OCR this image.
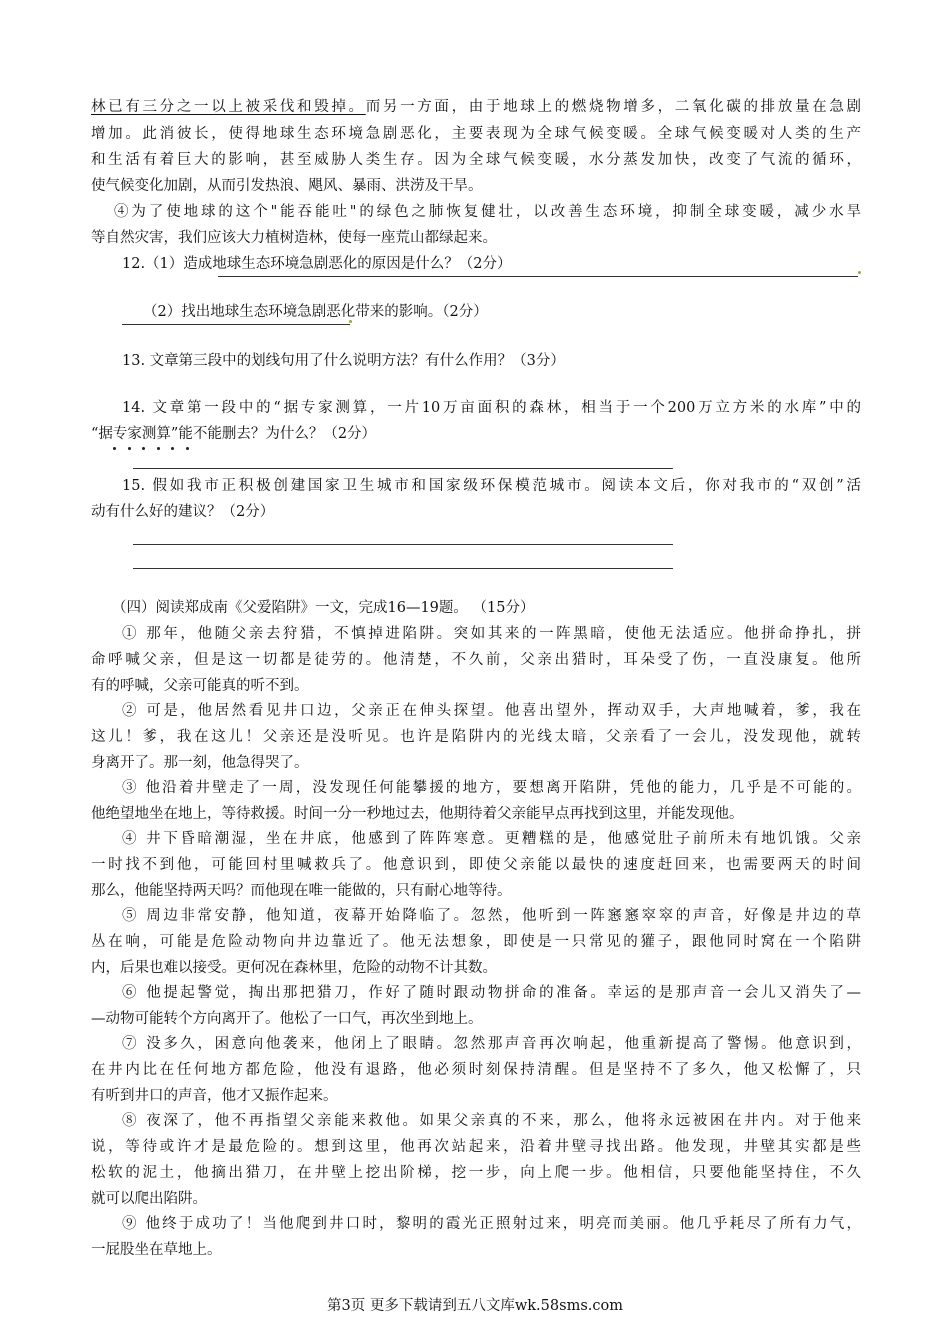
林已有三分之一以上被采伐和毁掉。而另一方面，由于地球上的燃烧物增多，二氧化碳的排放量在急剧
增加。此消彼长，使得地球生态环境急剧恶化，主要表现为全球气候变暖。全球气候变暖对人类的生产
和生活有着巨大的影响，甚至威胁人类生存。因为全球气候变暖，水分蒸发加快，改变了气流的循环，
使气候变化加剧，从而引发热浪、飓风、暴雨、洪涝及干旱。
④为了使地球的这个"能吞能吐"的绿色之肺恢复健壮，以改善生态环境，抑制全球变暖，减少水旱
等自然灾害，我们应该大力植树造林，使每一座荒山都绿起来。
12.（1）造成地球生态环境急剧恶化的原因是什么？（2分）
（2）找出地球生态环境急剧恶化带来的影响。（2分）
13. 文章第三段中的划线句用了什么说明方法？有什么作用？（3分）
14. 文章第一段中的“据专家测算，一片10万亩面积的森林，相当于一个200万立方米的水库”中的
“据专家测算”能不能删去？为什么？（2分）
15. 假如我市正积极创建国家卫生城市和国家级环保模范城市。阅读本文后，你对我市的“双创”活
动有什么好的建议？（2分）
（四）阅读郑成南《父爱陷阱》一文，完成16—19题。 （15分）
① 那年，他随父亲去狩猎，不慎掉进陷阱。突如其来的一阵黑暗，使他无法适应。他拼命挣扎，拼
命呼喊父亲，但是这一切都是徒劳的。他清楚，不久前，父亲出猎时，耳朵受了伤，一直没康复。他所
有的呼喊，父亲可能真的听不到。
② 可是，他居然看见井口边，父亲正在伸头探望。他喜出望外，挥动双手，大声地喊着，爹，我在
这儿！爹，我在这儿！父亲还是没听见。也许是陷阱内的光线太暗，父亲看了一会儿，没发现他，就转
身离开了。那一刻，他急得哭了。
③ 他沿着井壁走了一周，没发现任何能攀援的地方，要想离开陷阱，凭他的能力，几乎是不可能的。
他绝望地坐在地上，等待救援。时间一分一秒地过去，他期待着父亲能早点再找到这里，并能发现他。
④ 井下昏暗潮湿，坐在井底，他感到了阵阵寒意。更糟糕的是，他感觉肚子前所未有地饥饿。父亲
一时找不到他，可能回村里喊救兵了。他意识到，即使父亲能以最快的速度赶回来，也需要两天的时间
那么，他能坚持两天吗？而他现在唯一能做的，只有耐心地等待。
⑤ 周边非常安静，他知道，夜幕开始降临了。忽然，他听到一阵窸窸窣窣的声音，好像是井边的草
丛在响，可能是危险动物向井边靠近了。他无法想象，即使是一只常见的獾子，跟他同时窝在一个陷阱
内，后果也难以接受。更何况在森林里，危险的动物不计其数。
⑥ 他提起警觉，掏出那把猎刀，作好了随时跟动物拼命的准备。幸运的是那声音一会儿又消失了—
—动物可能转个方向离开了。他松了一口气，再次坐到地上。
⑦ 没多久，困意向他袭来，他闭上了眼睛。忽然那声音再次响起，他重新提高了警惕。他意识到，
在井内比在任何地方都危险，他没有退路，他必须时刻保持清醒。但是坚持不了多久，他又松懈了，只
有听到井口的声音，他才又振作起来。
⑧ 夜深了，他不再指望父亲能来救他。如果父亲真的不来，那么，他将永远被困在井内。对于他来
说，等待或许才是最危险的。想到这里，他再次站起来，沿着井壁寻找出路。他发现，井壁其实都是些
松软的泥土，他摘出猎刀，在井壁上挖出阶梯，挖一步，向上爬一步。他相信，只要他能坚持住，不久
就可以爬出陷阱。
⑨ 他终于成功了！当他爬到井口时，黎明的霞光正照射过来，明亮而美丽。他几乎耗尽了所有力气，
一屁股坐在草地上。
第3页 更多下载请到五八文库wk.58sms.com
